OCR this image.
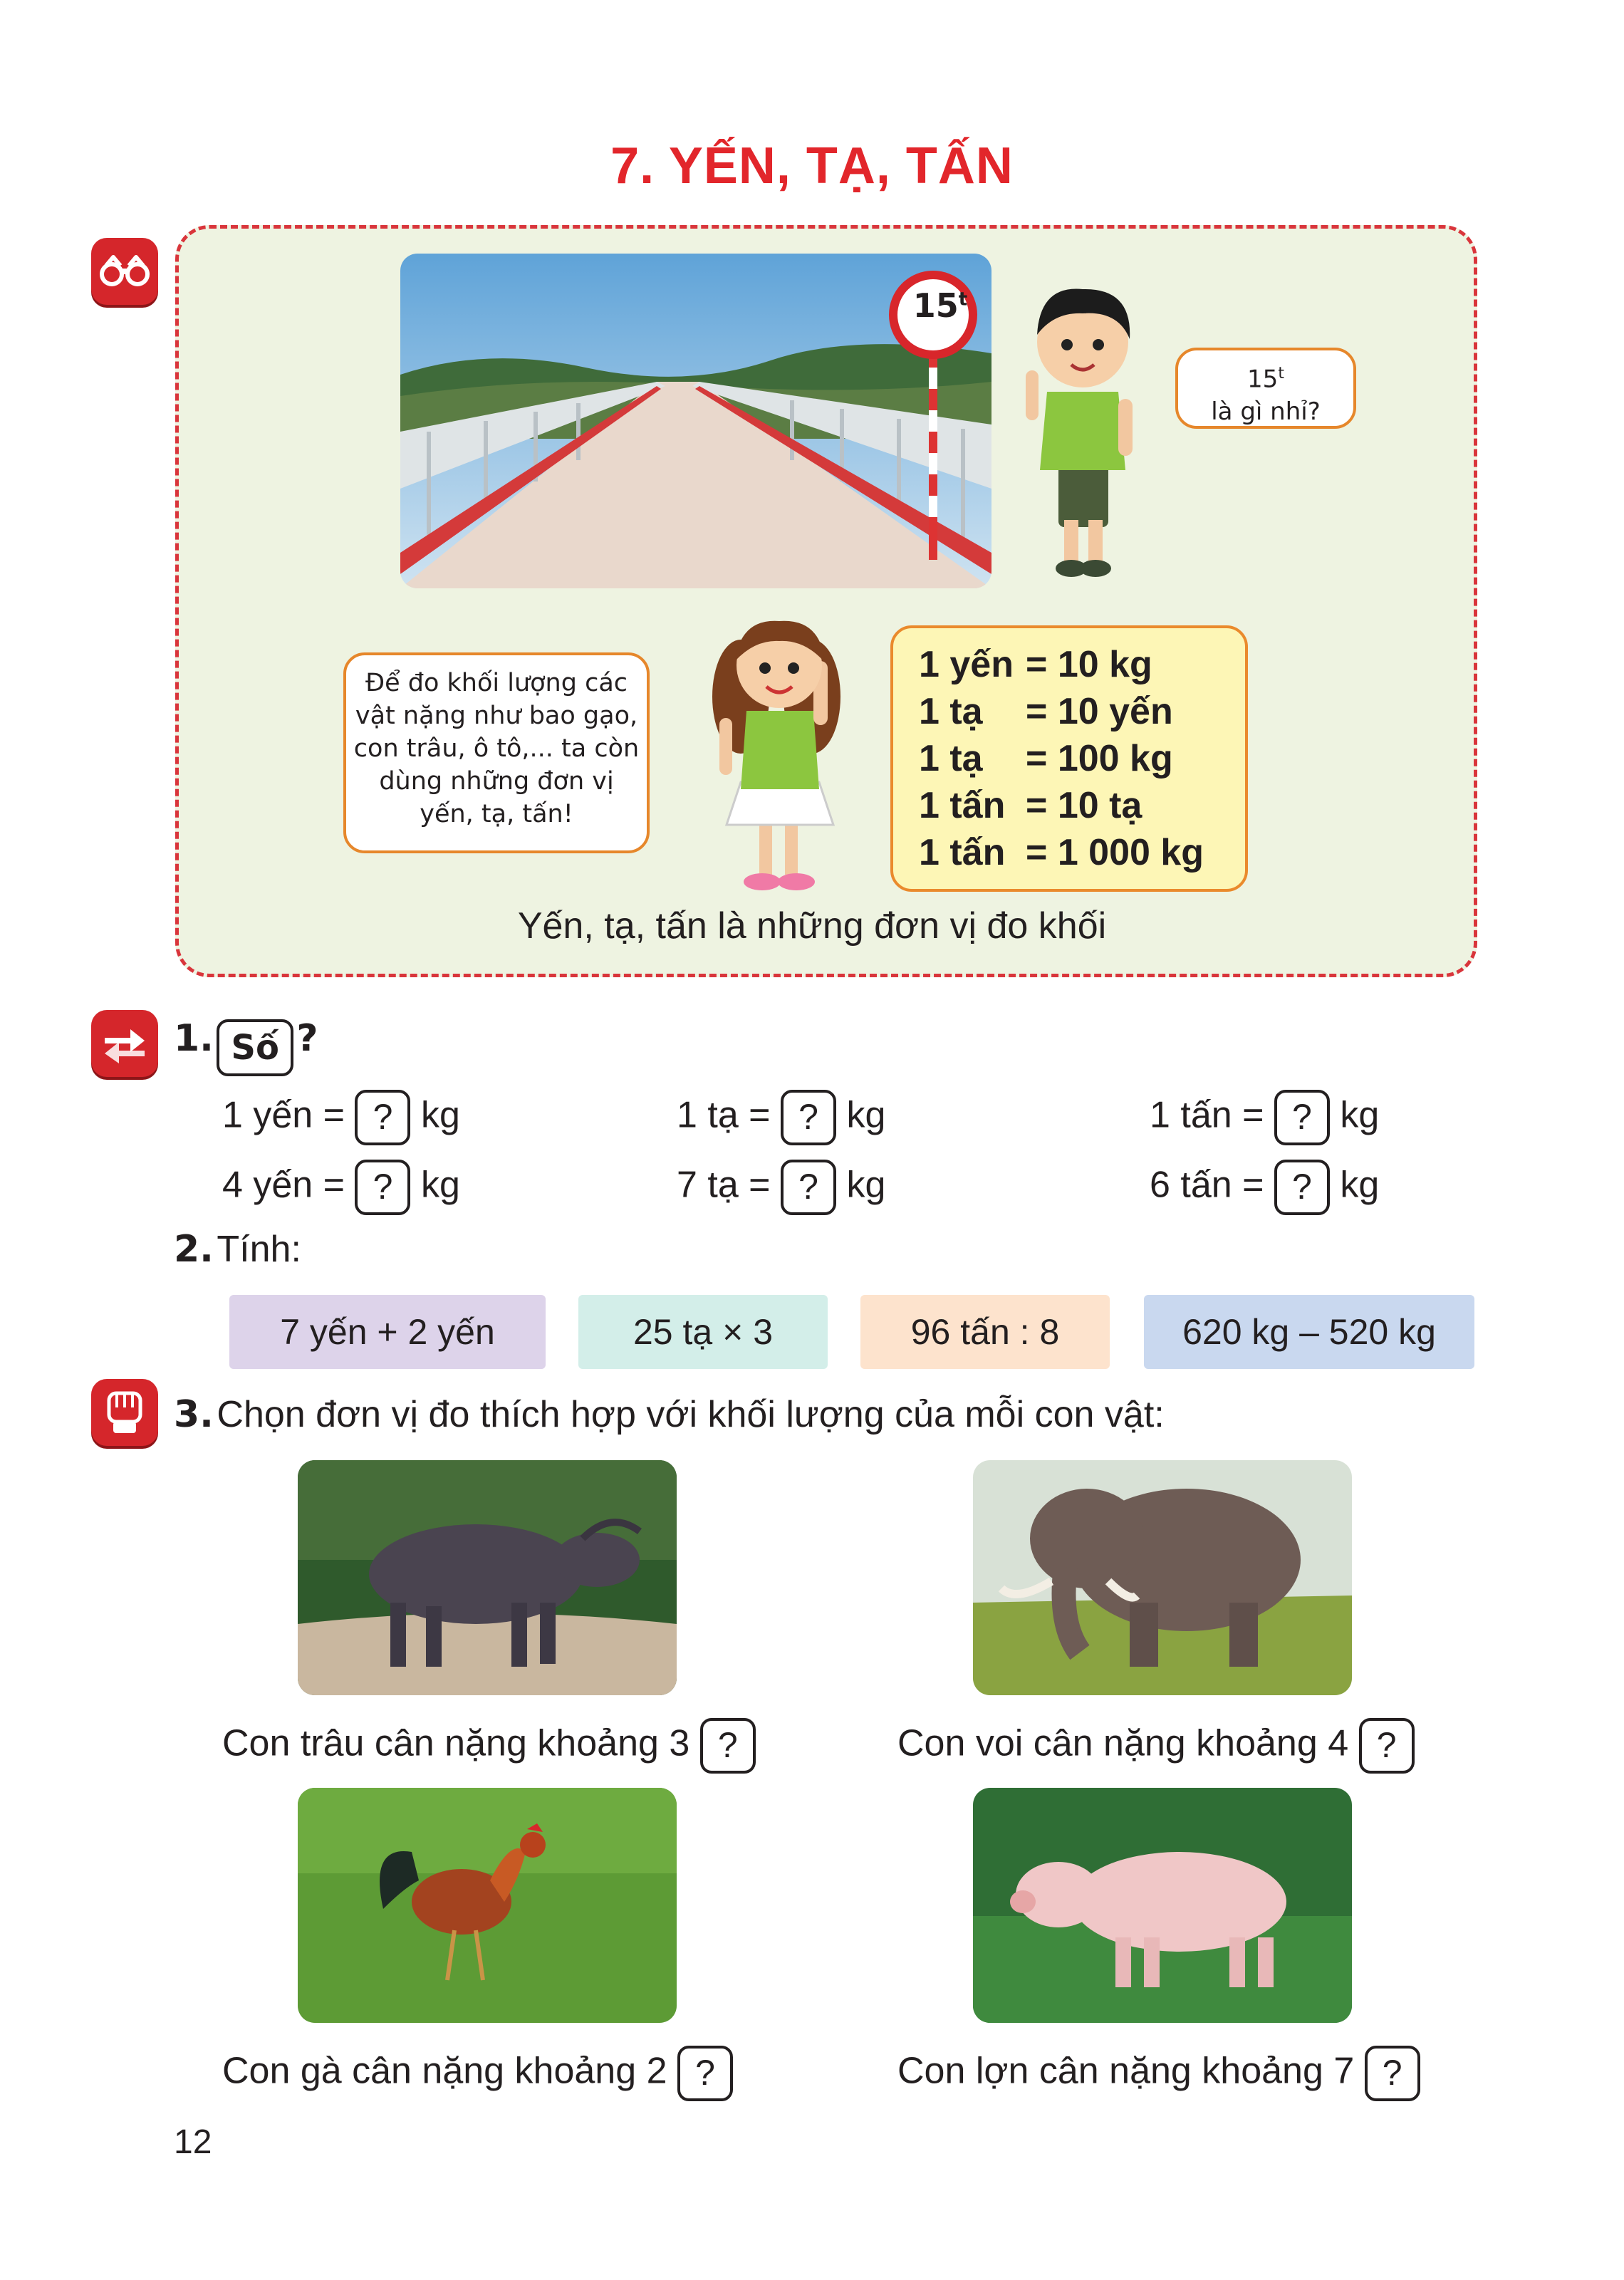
7. YẾN, TẠ, TẤN
15$^t$
15$^t$
là gì nhỉ?
Để đo khối lượng các
vật nặng như bao gạo,
con trâu, ô tô,... ta còn
dùng những đơn vị
yến, tạ, tấn!
1 yến = 10 kg
1 tạ = 10 yến
1 tạ = 100 kg
1 tấn = 10 tạ
1 tấn = 1 000 kg
Yến, tạ, tấn là những đơn vị đo khối
1. Số ?
1 yến = ? kg	1 tạ = ? kg	1 tấn = ? kg
4 yến = ? kg	7 tạ = ? kg	6 tấn = ? kg
2. Tính:
7 yến + 2 yến	25 tạ × 3	96 tấn : 8	620 kg – 520 kg
3. Chọn đơn vị đo thích hợp với khối lượng của mỗi con vật:
Con trâu cân nặng khoảng 3 ?	Con voi cân nặng khoảng 4 ?
Con gà cân nặng khoảng 2 ?	Con lợn cân nặng khoảng 7 ?
12
